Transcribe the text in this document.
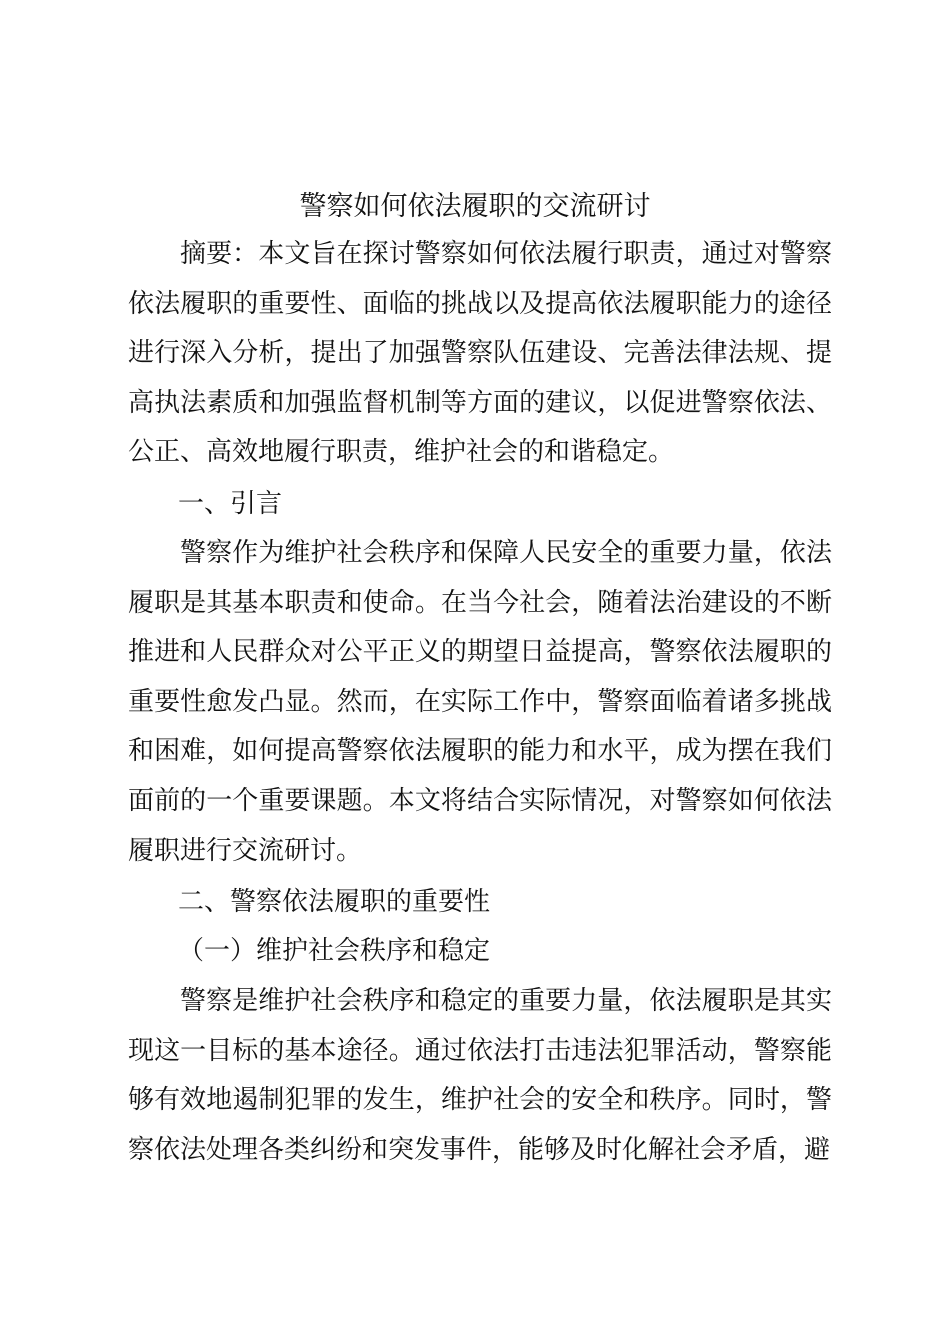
警察如何依法履职的交流研讨

摘要：本文旨在探讨警察如何依法履行职责，通过对警察依法履职的重要性、面临的挑战以及提高依法履职能力的途径进行深入分析，提出了加强警察队伍建设、完善法律法规、提高执法素质和加强监督机制等方面的建议，以促进警察依法、公正、高效地履行职责，维护社会的和谐稳定。

一、引言

警察作为维护社会秩序和保障人民安全的重要力量，依法履职是其基本职责和使命。在当今社会，随着法治建设的不断推进和人民群众对公平正义的期望日益提高，警察依法履职的重要性愈发凸显。然而，在实际工作中，警察面临着诸多挑战和困难，如何提高警察依法履职的能力和水平，成为摆在我们面前的一个重要课题。本文将结合实际情况，对警察如何依法履职进行交流研讨。

二、警察依法履职的重要性

（一）维护社会秩序和稳定

警察是维护社会秩序和稳定的重要力量，依法履职是其实现这一目标的基本途径。通过依法打击违法犯罪活动，警察能够有效地遏制犯罪的发生，维护社会的安全和秩序。同时，警察依法处理各类纠纷和突发事件，能够及时化解社会矛盾，避
